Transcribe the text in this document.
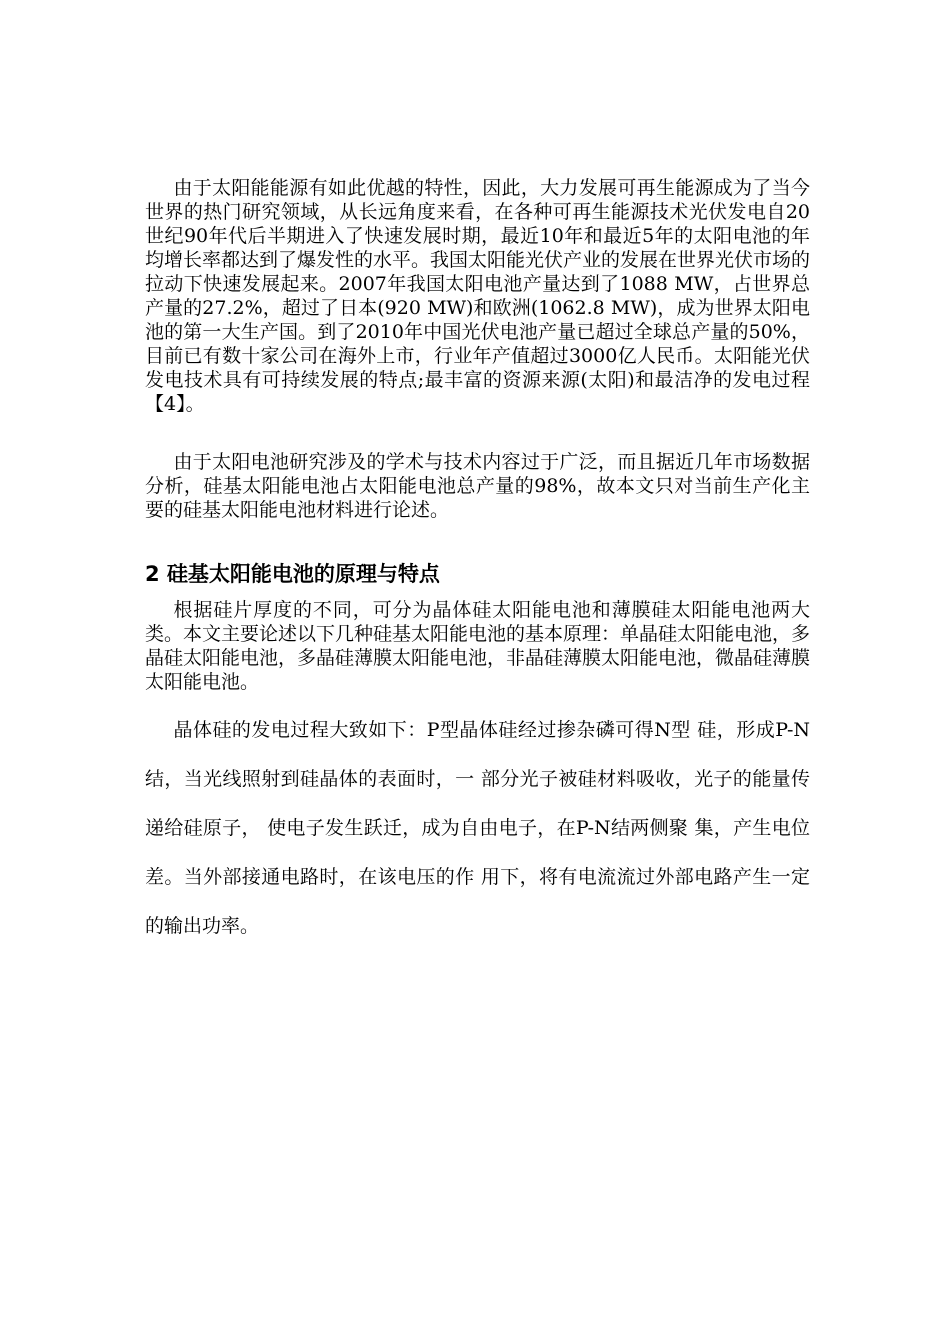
由于太阳能能源有如此优越的特性，因此，大力发展可再生能源成为了当今世界的热门研究领域，从长远角度来看，在各种可再生能源技术光伏发电自20世纪90年代后半期进入了快速发展时期，最近10年和最近5年的太阳电池的年均增长率都达到了爆发性的水平。我国太阳能光伏产业的发展在世界光伏市场的拉动下快速发展起来。2007年我国太阳电池产量达到了1088 MW，占世界总产量的27.2%，超过了日本(920 MW)和欧洲(1062.8 MW)，成为世界太阳电池的第一大生产国。到了2010年中国光伏电池产量已超过全球总产量的50%，目前已有数十家公司在海外上市，行业年产值超过3000亿人民币。太阳能光伏发电技术具有可持续发展的特点;最丰富的资源来源(太阳)和最洁净的发电过程【4】。

由于太阳电池研究涉及的学术与技术内容过于广泛，而且据近几年市场数据分析，硅基太阳能电池占太阳能电池总产量的98%，故本文只对当前生产化主要的硅基太阳能电池材料进行论述。

2 硅基太阳能电池的原理与特点

根据硅片厚度的不同，可分为晶体硅太阳能电池和薄膜硅太阳能电池两大类。本文主要论述以下几种硅基太阳能电池的基本原理：单晶硅太阳能电池，多晶硅太阳能电池，多晶硅薄膜太阳能电池，非晶硅薄膜太阳能电池，微晶硅薄膜太阳能电池。

晶体硅的发电过程大致如下：P型晶体硅经过掺杂磷可得N型 硅，形成P-N结，当光线照射到硅晶体的表面时，一 部分光子被硅材料吸收，光子的能量传递给硅原子， 使电子发生跃迁，成为自由电子，在P-N结两侧聚 集，产生电位差。当外部接通电路时，在该电压的作 用下，将有电流流过外部电路产生一定的输出功率。
